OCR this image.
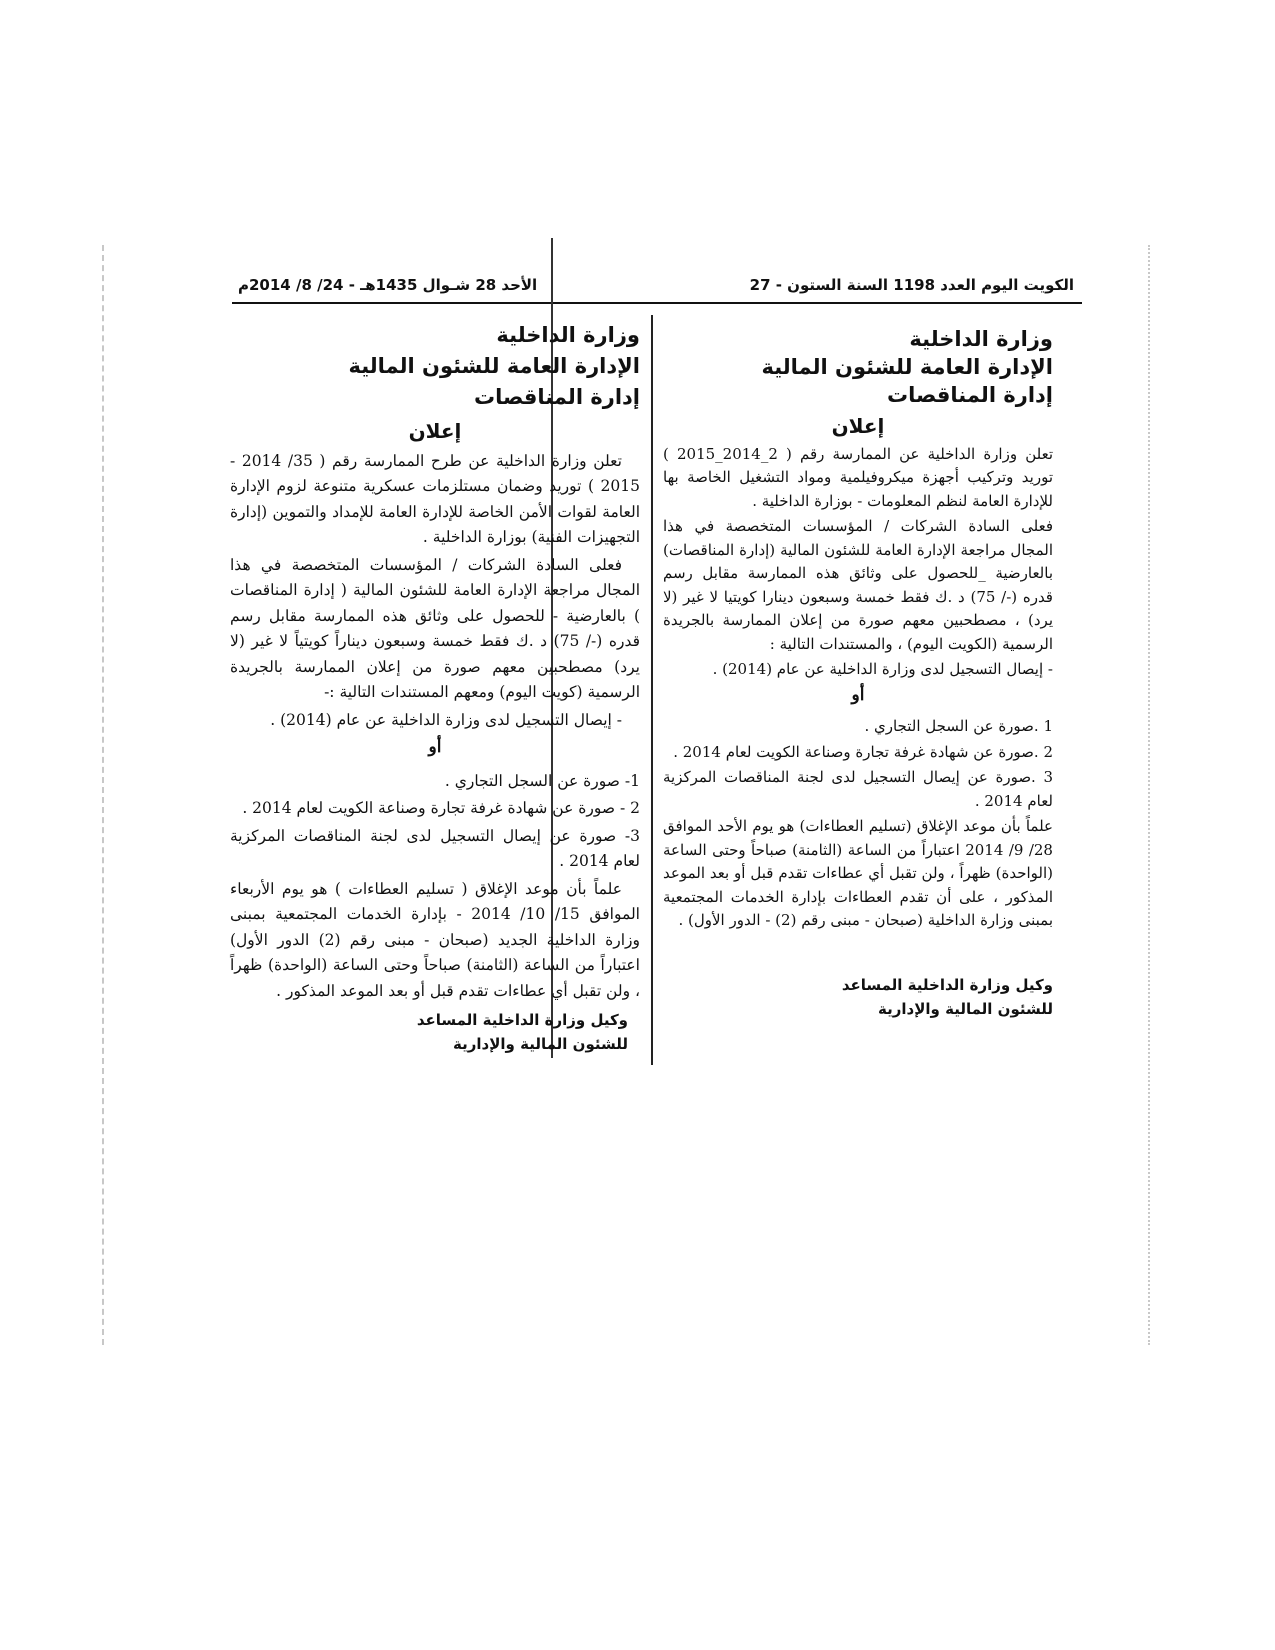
الكويت اليوم العدد 1198 السنة الستون - 27
الأحد 28 شـوال 1435هـ - 24/ 8/ 2014م
وزارة الداخلية
الإدارة العامة للشئون المالية
إدارة المناقصات
إعلان

تعلن وزارة الداخلية عن الممارسة رقم ( 2_2014_2015 ) توريد وتركيب أجهزة ميكروفيلمية ومواد التشغيل الخاصة بها للإدارة العامة لنظم المعلومات - بوزارة الداخلية .

فعلى السادة الشركات / المؤسسات المتخصصة في هذا المجال مراجعة الإدارة العامة للشئون المالية (إدارة المناقصات) بالعارضية _للحصول على وثائق هذه الممارسة مقابل رسم قدره (-/ 75) د .ك فقط خمسة وسبعون دينارا كويتيا لا غير (لا يرد) ، مصطحبين معهم صورة من إعلان الممارسة بالجريدة الرسمية (الكويت اليوم) ، والمستندات التالية :

- إيصال التسجيل لدى وزارة الداخلية عن عام (2014) .

أو
1 .صورة عن السجل التجاري .
2 .صورة عن شهادة غرفة تجارة وصناعة الكويت لعام 2014 .
3 .صورة عن إيصال التسجيل لدى لجنة المناقصات المركزية لعام 2014 .

علماً بأن موعد الإغلاق (تسليم العطاءات) هو يوم الأحد الموافق 28/ 9/ 2014 اعتباراً من الساعة (الثامنة) صباحاً وحتى الساعة (الواحدة) ظهراً ، ولن تقبل أي عطاءات تقدم قبل أو بعد الموعد المذكور ، على أن تقدم العطاءات بإدارة الخدمات المجتمعية بمبنى وزارة الداخلية (صبحان - مبنى رقم (2) - الدور الأول) .

وكيل وزارة الداخلية المساعد
للشئون المالية والإدارية
وزارة الداخلية
الإدارة العامة للشئون المالية
إدارة المناقصات
إعلان

تعلن وزارة الداخلية عن طرح الممارسة رقم ( 35/ 2014 - 2015 ) توريد وضمان مستلزمات عسكرية متنوعة لزوم الإدارة العامة لقوات الأمن الخاصة للإدارة العامة للإمداد والتموين (إدارة التجهيزات الفنية) بوزارة الداخلية .

فعلى السادة الشركات / المؤسسات المتخصصة في هذا المجال مراجعة الإدارة العامة للشئون المالية ( إدارة المناقصات ) بالعارضية - للحصول على وثائق هذه الممارسة مقابل رسم قدره (-/ 75) د .ك فقط خمسة وسبعون ديناراً كويتياً لا غير (لا يرد) مصطحبين معهم صورة من إعلان الممارسة بالجريدة الرسمية (كويت اليوم) ومعهم المستندات التالية :-

- إيصال التسجيل لدى وزارة الداخلية عن عام (2014) .

أو
1- صورة عن السجل التجاري .
2 - صورة عن شهادة غرفة تجارة وصناعة الكويت لعام 2014 .
3- صورة عن إيصال التسجيل لدى لجنة المناقصات المركزية لعام 2014 .

علماً بأن موعد الإغلاق ( تسليم العطاءات ) هو يوم الأربعاء الموافق 15/ 10/ 2014 - بإدارة الخدمات المجتمعية بمبنى وزارة الداخلية الجديد (صبحان - مبنى رقم (2) الدور الأول) اعتباراً من الساعة (الثامنة) صباحاً وحتى الساعة (الواحدة) ظهراً ، ولن تقبل أي عطاءات تقدم قبل أو بعد الموعد المذكور .

وكيل وزارة الداخلية المساعد
للشئون المالية والإدارية
